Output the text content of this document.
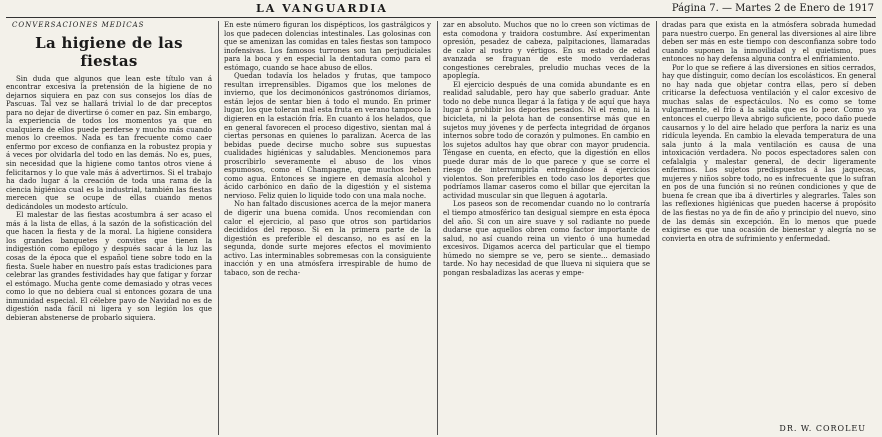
LA VANGUARDIA	Página 7. — Martes 2 de Enero de 1917
CONVERSACIONES MÉDICAS
La higiene de las fiestas

Sin duda que algunos que lean este título van á encontrar excesiva la pretensión de la higiene de no dejarnos siquiera en paz con sus consejos los días de Pascuas. Tal vez se hallará trivial lo de dar preceptos para no dejar de divertirse ó comer en paz. Sin embargo, la experiencia de todos los momentos ya que en cualquiera de ellos puede perderse y mucho más cuando menos lo creemos. Nada es tan frecuente como caer enfermo por exceso de confianza en la robustez propia y á veces por olvidarla del todo en las demás. No es, pues, sin necesidad que la higiene como tantos otros viene á felicitarnos y lo que vale más á advertirnos. Si el trabajo ha dado lugar á la creación de toda una rama de la ciencia higiénica cual es la industrial, también las fiestas merecen que se ocupe de ellas cuando menos dedicándoles un modesto artículo.

El malestar de las fiestas acostumbra á ser acaso el más á la lista de ellas, á la sazón de la sofisticación del que hacen la fiesta y de la moral. La higiene considera los grandes banquetes y convites que tienen la indigestión como epílogo y después sacar á la luz las cosas de la época que el español tiene sobre todo en la fiesta. Suele haber en nuestro país estas tradiciones para celebrar las grandes festividades hay que fatigar y forzar el estómago. Mucha gente come demasiado y otras veces como lo que no debiera cual si entonces gozara de una inmunidad especial. El célebre pavo de Navidad no es de digestión nada fácil ni ligera y son legión los que debieran abstenerse de probarlo siquiera.

En este número figuran los dispépticos, los gastrálgicos y los que padecen dolencias intestinales. Las golosinas con que se amenizan las comidas en tales fiestas son tampoco inofensivas. Los famosos turrones son tan perjudiciales para la boca y en especial la dentadura como para el estómago, cuando se hace abuso de ellos.

Quedan todavía los helados y frutas, que tampoco resultan irreprensibles. Digamos que los melones de invierno, que los decimonónicos gastrónomos diríamos, están lejos de sentar bien á todo el mundo. En primer lugar, los que toleran mal esta fruta en verano tampoco la digieren en la estación fría. En cuanto á los helados, que en general favorecen el proceso digestivo, sientan mal á ciertas personas en quienes lo paralizan. Acerca de las bebidas puede decirse mucho sobre sus supuestas cualidades higiénicas y saludables. Mencionemos para proscribirlo severamente el abuso de los vinos espumosos, como el Champagne, que muchos beben como agua. Entonces se ingiere en demasía alcohol y ácido carbónico en daño de la digestión y el sistema nervioso. Feliz quien lo liquide todo con una mala noche.

No han faltado discusiones acerca de la mejor manera de digerir una buena comida. Unos recomiendan con calor el ejercicio, al paso que otros son partidarios decididos del reposo. Si en la primera parte de la digestión es preferible el descanso, no es así en la segunda, donde surte mejores efectos el movimiento activo. Las interminables sobremesas con la consiguiente inacción y en una atmósfera irrespirable de humo de tabaco, son de recha-

zar en absoluto. Muchos que no lo creen son víctimas de esta comodona y traidora costumbre. Así experimentan opresión, pesadez de cabeza, palpitaciones, llamaradas de calor al rostro y vértigos. En su estado de edad avanzada se fraguan de este modo verdaderas congestiones cerebrales, preludio muchas veces de la apoplegía.

El ejercicio después de una comida abundante es en realidad saludable, pero hay que saberlo graduar. Ante todo no debe nunca llegar á la fatiga y de aquí que haya lugar á prohibir los deportes pesados. Ni el remo, ni la bicicleta, ni la pelota han de consentirse más que en sujetos muy jóvenes y de perfecta integridad de órganos internos sobre todo de corazón y pulmones. En cambio en los sujetos adultos hay que obrar con mayor prudencia. Téngase en cuenta, en efecto, que la digestión en ellos puede durar más de lo que parece y que se corre el riesgo de interrumpirla entregándose á ejercicios violentos. Son preferibles en todo caso los deportes que podríamos llamar caseros como el billar que ejercitan la actividad muscular sin que lleguen á agotarla.

Los paseos son de recomendar cuando no lo contraría el tiempo atmosférico tan desigual siempre en esta época del año. Si con un aire suave y sol radiante no puede dudarse que aquellos obren como factor importante de salud, no así cuando reina un viento ó una humedad excesivos. Digamos acerca del particular que el tiempo húmedo no siempre se ve, pero se siente... demasiado tarde. No hay necesidad de que llueva ni siquiera que se pongan resbaladizas las aceras y empe-

dradas para que exista en la atmósfera sobrada humedad para nuestro cuerpo. En general las diversiones al aire libre deben ser más en este tiempo con desconfianza sobre todo cuando suponen la inmovilidad y el quietismo, pues entonces no hay defensa alguna contra el enfriamiento.

Por lo que se refiere á las diversiones en sitios cerrados, hay que distinguir, como decían los escolásticos. En general no hay nada que objetar contra ellas, pero sí deben criticarse la defectuosa ventilación y el calor excesivo de muchas salas de espectáculos. No es como se tome vulgarmente, el frío á la salida que es lo peor. Como ya entonces el cuerpo lleva abrigo suficiente, poco daño puede causarnos y lo del aire helado que perfora la nariz es una ridícula leyenda. En cambio la elevada temperatura de una sala junto á la mala ventilación es causa de una intoxicación verdadera. No pocos espectadores salen con cefalalgia y malestar general, de decir ligeramente enfermos. Los sujetos predispuestos á las jaquecas, mujeres y niños sobre todo, no es infrecuente que lo sufran en pos de una función si no reúnen condiciones y que de buena fe crean que iba á divertirles y alegrarles. Tales son las reflexiones higiénicas que pueden hacerse á propósito de las fiestas no ya de fin de año y principio del nuevo, sino de las demás sin excepción. En lo menos que puede exigirse es que una ocasión de bienestar y alegría no se convierta en otra de sufrimiento y enfermedad.

DR. W. COROLEU
